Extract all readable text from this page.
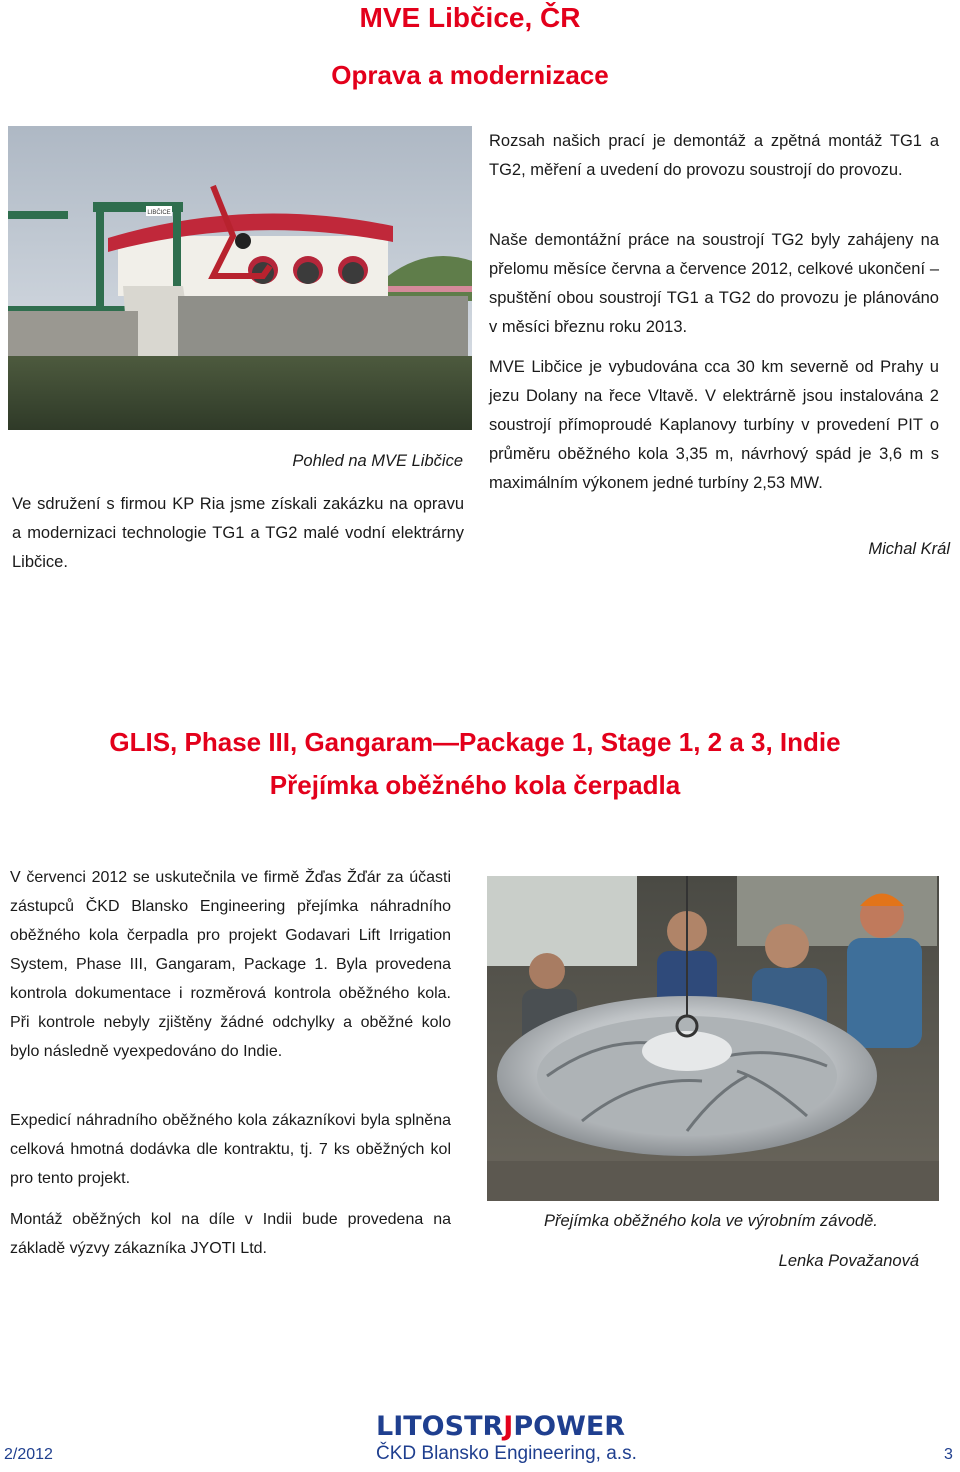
MVE Libčice, ČR
Oprava a modernizace
LIBČICE
Pohled na MVE Libčice
Ve sdružení s firmou KP Ria jsme získali zakázku na opravu a modernizaci technologie TG1 a TG2 malé vodní elektrárny Libčice.
Rozsah našich prací je demontáž a zpětná montáž TG1 a TG2, měření a uvedení do provozu soustrojí do provozu.
Naše demontážní práce na soustrojí TG2 byly zahájeny na přelomu měsíce června a července 2012, celkové ukončení – spuštění obou soustrojí TG1 a TG2 do provozu je plánováno v měsíci březnu roku 2013.
MVE Libčice je vybudována cca 30 km severně od Prahy u jezu Dolany na řece Vltavě. V elektrárně jsou instalována 2 soustrojí přímoproudé Kaplanovy turbíny v provedení PIT o průměru oběžného kola 3,35 m, návrhový spád je 3,6 m s maximálním výkonem jedné turbíny 2,53 MW.
Michal Král
GLIS, Phase III, Gangaram—Package 1, Stage 1, 2 a 3, Indie
Přejímka oběžného kola čerpadla
V červenci 2012 se uskutečnila ve firmě Žďas Žďár za účasti zástupců ČKD Blansko Engineering přejímka náhradního oběžného kola čerpadla pro projekt Godavari Lift Irrigation System, Phase III, Gangaram, Package 1. Byla provedena kontrola dokumentace i rozměrová kontrola oběžného kola. Při kontrole nebyly zjištěny žádné odchylky a oběžné kolo bylo následně vyexpedováno do Indie.
Expedicí náhradního oběžného kola zákazníkovi byla splněna celková hmotná dodávka dle kontraktu, tj. 7 ks oběžných kol pro tento projekt.
Montáž oběžných kol na díle v Indii bude provedena na základě výzvy zákazníka JYOTI Ltd.
Přejímka oběžného kola ve výrobním závodě.
Lenka Považanová
LITOSTRJPOWER
ČKD Blansko Engineering, a.s.
2/2012	3
